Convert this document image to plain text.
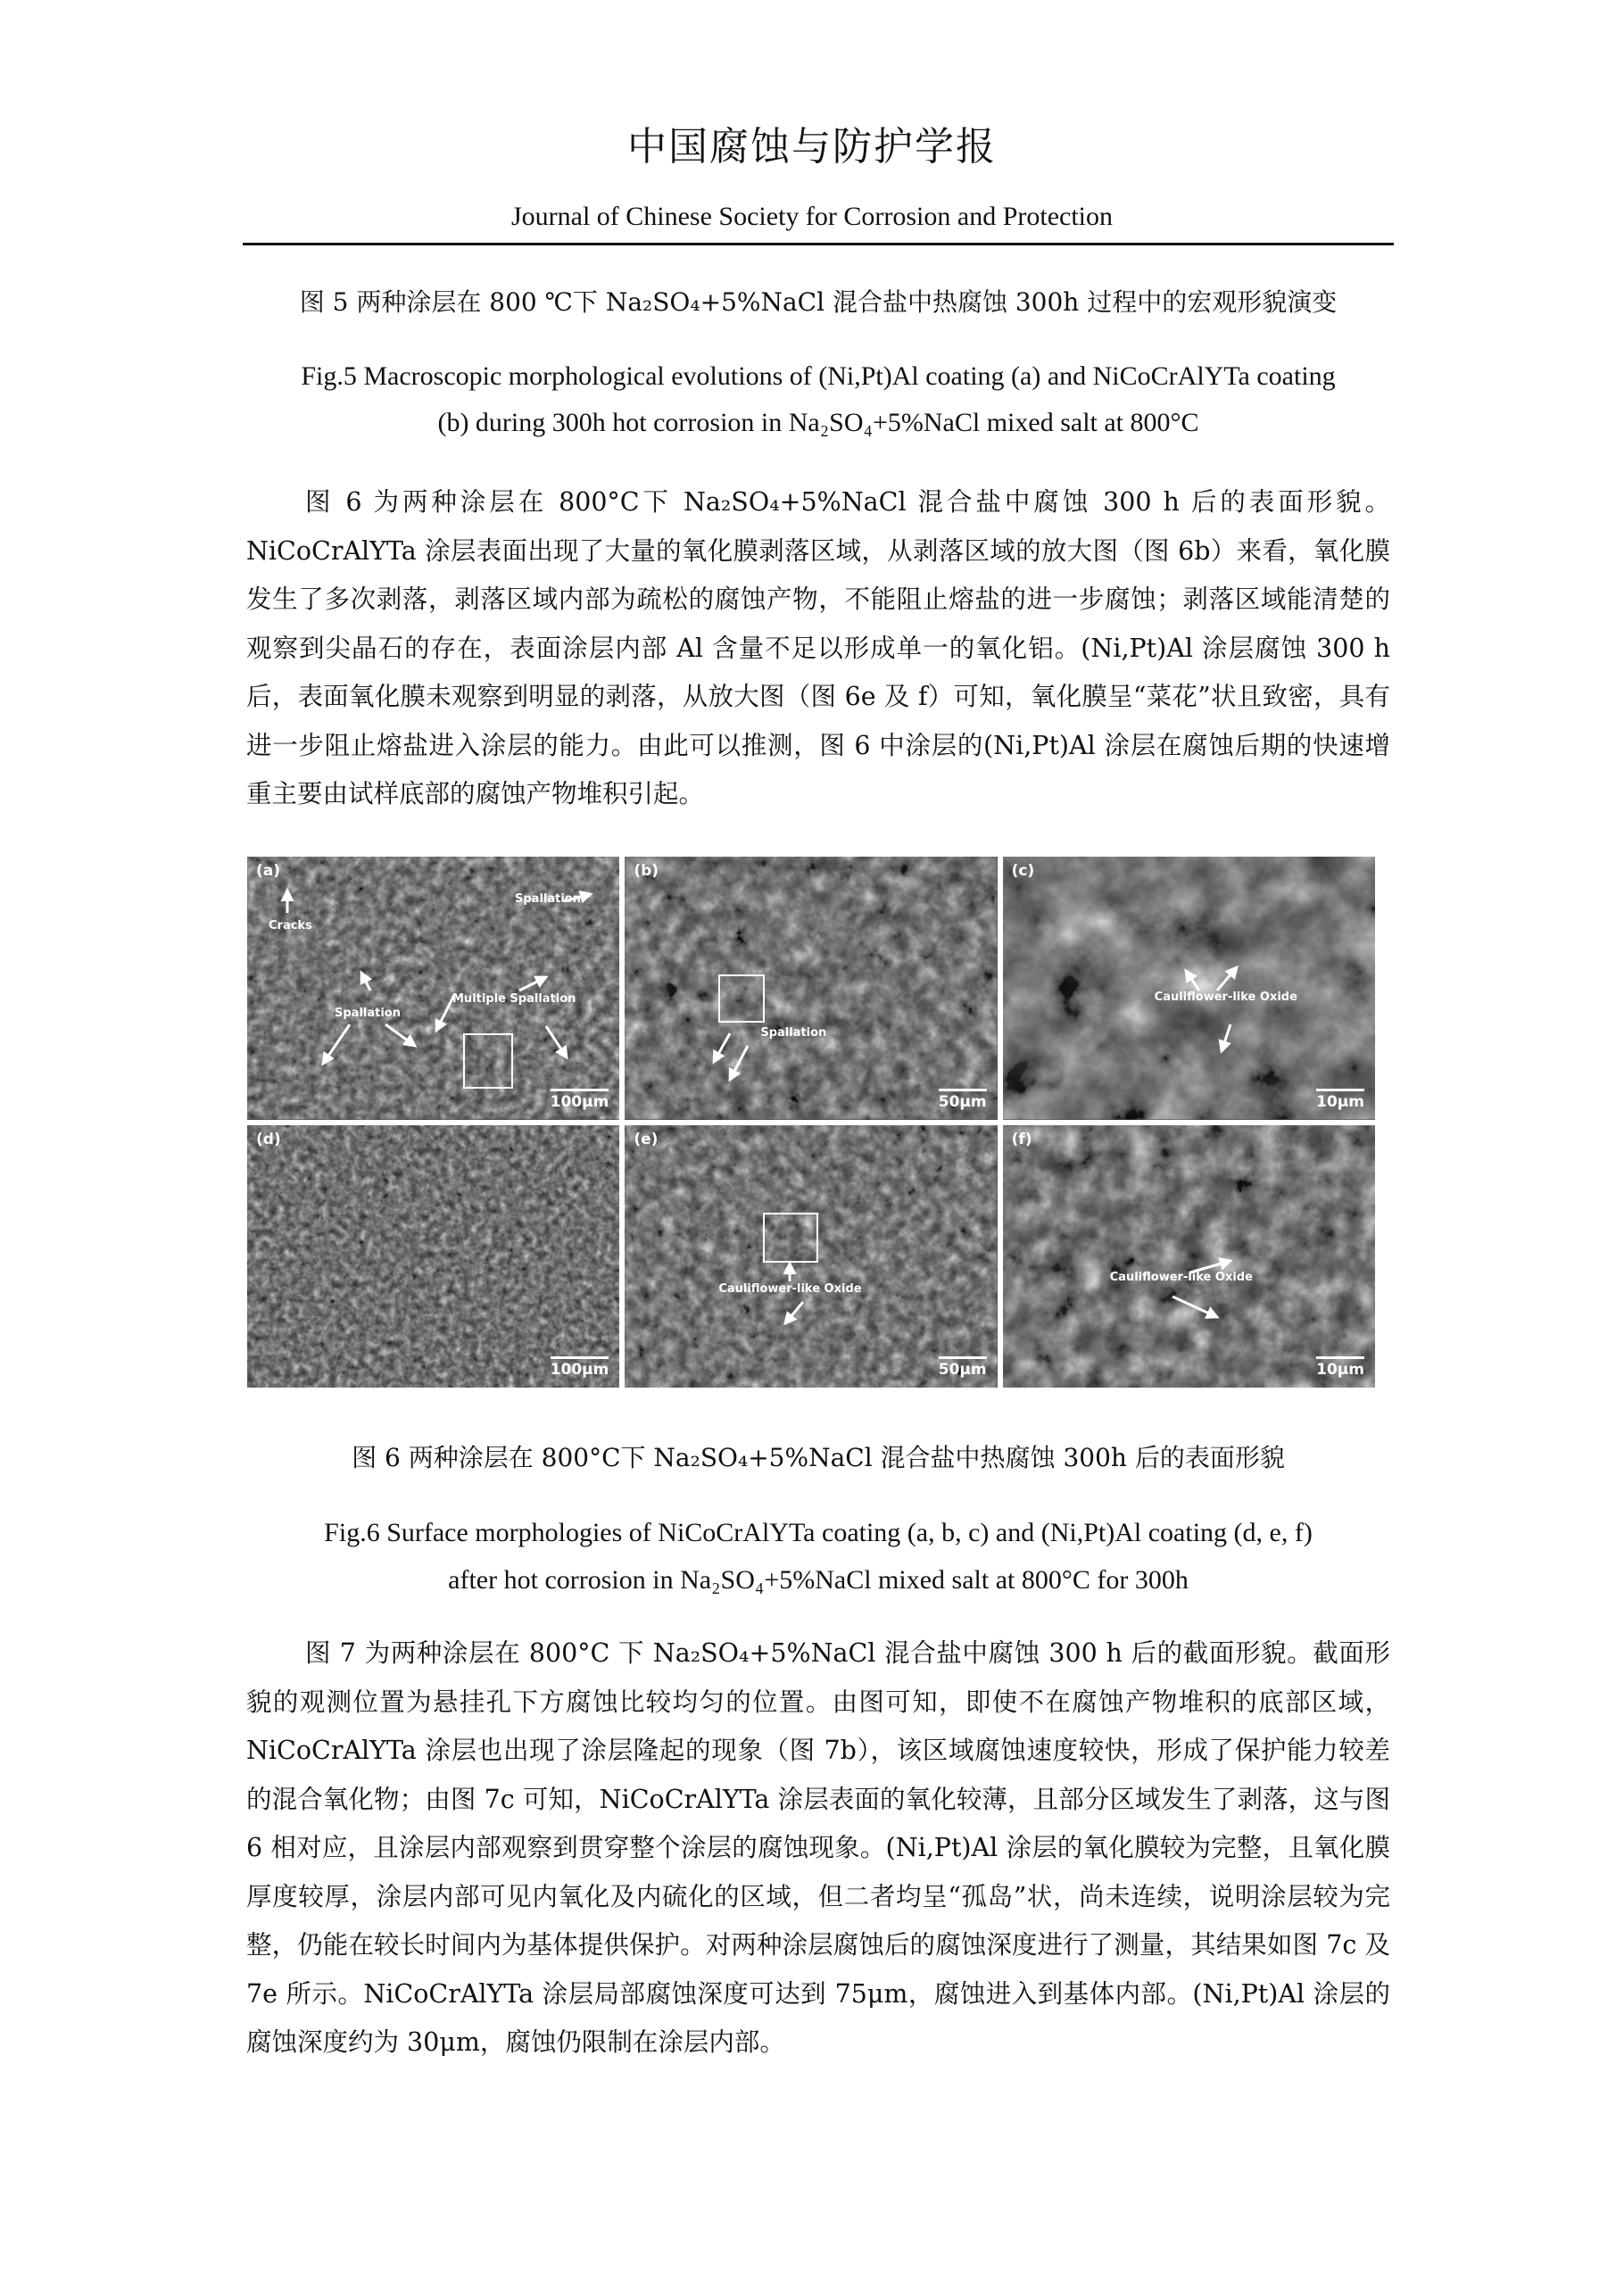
中国腐蚀与防护学报
Journal of Chinese Society for Corrosion and Protection
图 5 两种涂层在 800 ℃下 Na₂SO₄+5%NaCl 混合盐中热腐蚀 300h 过程中的宏观形貌演变
Fig.5 Macroscopic morphological evolutions of (Ni,Pt)Al coating (a) and NiCoCrAlYTa coating
(b) during 300h hot corrosion in Na₂SO₄+5%NaCl mixed salt at 800°C

图 6 为两种涂层在 800°C下 Na₂SO₄+5%NaCl 混合盐中腐蚀 300 h 后的表面形貌。NiCoCrAlYTa 涂层表面出现了大量的氧化膜剥落区域，从剥落区域的放大图（图 6b）来看，氧化膜发生了多次剥落，剥落区域内部为疏松的腐蚀产物，不能阻止熔盐的进一步腐蚀；剥落区域能清楚的观察到尖晶石的存在，表面涂层内部 Al 含量不足以形成单一的氧化铝。(Ni,Pt)Al 涂层腐蚀 300 h 后，表面氧化膜未观察到明显的剥落，从放大图（图 6e 及 f）可知，氧化膜呈“菜花”状且致密，具有进一步阻止熔盐进入涂层的能力。由此可以推测，图 6 中涂层的(Ni,Pt)Al 涂层在腐蚀后期的快速增重主要由试样底部的腐蚀产物堆积引起。

(a)
Cracks
Spallation
Spallation
Multiple Spallation
100μm
(b)
Spallation
50μm
(c)
Cauliflower-like Oxide
10μm
(d)
100μm
(e)
Cauliflower-like Oxide
50μm
(f)
Cauliflower-like Oxide
10μm
图 6 两种涂层在 800°C下 Na₂SO₄+5%NaCl 混合盐中热腐蚀 300h 后的表面形貌
Fig.6 Surface morphologies of NiCoCrAlYTa coating (a, b, c) and (Ni,Pt)Al coating (d, e, f)
after hot corrosion in Na₂SO₄+5%NaCl mixed salt at 800°C for 300h

图 7 为两种涂层在 800°C 下 Na₂SO₄+5%NaCl 混合盐中腐蚀 300 h 后的截面形貌。截面形貌的观测位置为悬挂孔下方腐蚀比较均匀的位置。由图可知，即使不在腐蚀产物堆积的底部区域，NiCoCrAlYTa 涂层也出现了涂层隆起的现象（图 7b），该区域腐蚀速度较快，形成了保护能力较差的混合氧化物；由图 7c 可知，NiCoCrAlYTa 涂层表面的氧化较薄，且部分区域发生了剥落，这与图 6 相对应，且涂层内部观察到贯穿整个涂层的腐蚀现象。(Ni,Pt)Al 涂层的氧化膜较为完整，且氧化膜厚度较厚，涂层内部可见内氧化及内硫化的区域，但二者均呈“孤岛”状，尚未连续，说明涂层较为完整，仍能在较长时间内为基体提供保护。对两种涂层腐蚀后的腐蚀深度进行了测量，其结果如图 7c 及 7e 所示。NiCoCrAlYTa 涂层局部腐蚀深度可达到 75μm，腐蚀进入到基体内部。(Ni,Pt)Al 涂层的腐蚀深度约为 30μm，腐蚀仍限制在涂层内部。
